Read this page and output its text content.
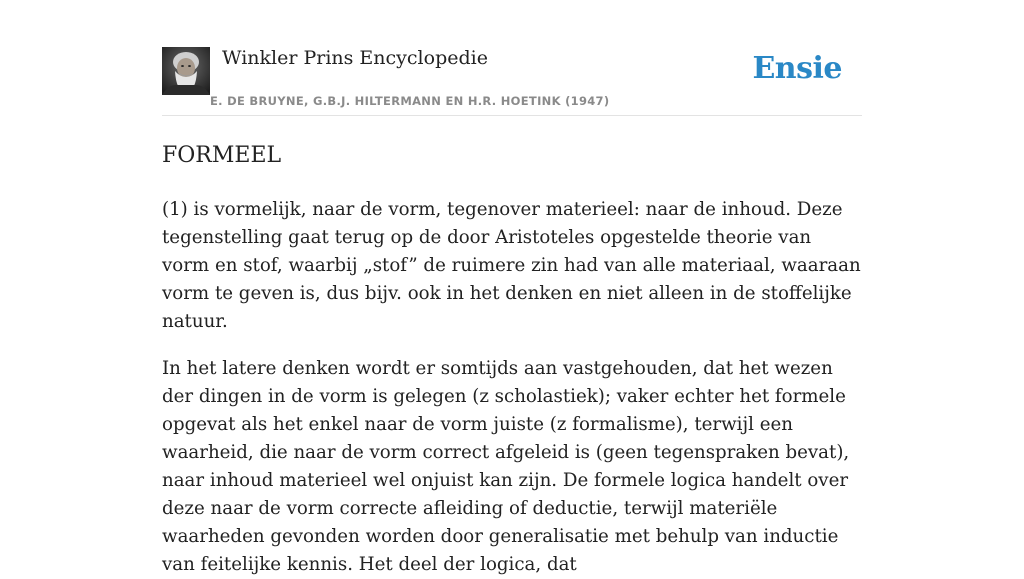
Winkler Prins Encyclopedie
E. DE BRUYNE, G.B.J. HILTERMANN EN H.R. HOETINK (1947)
Ensie
FORMEEL

(1) is vormelijk, naar de vorm, tegenover materieel: naar de inhoud. Deze tegenstelling gaat terug op de door Aristoteles opgestelde theorie van vorm en stof, waarbij „stof” de ruimere zin had van alle materiaal, waaraan vorm te geven is, dus bijv. ook in het denken en niet alleen in de stoffelijke natuur.

In het latere denken wordt er somtijds aan vastgehouden, dat het wezen der dingen in de vorm is gelegen (z scholastiek); vaker echter het formele opgevat als het enkel naar de vorm juiste (z formalisme), terwijl een waarheid, die naar de vorm correct afgeleid is (geen tegenspraken bevat), naar inhoud materieel wel onjuist kan zijn. De formele logica handelt over deze naar de vorm correcte afleiding of deductie, terwijl materiële waarheden gevonden worden door generalisatie met behulp van inductie van feitelijke kennis. Het deel der logica, dat
